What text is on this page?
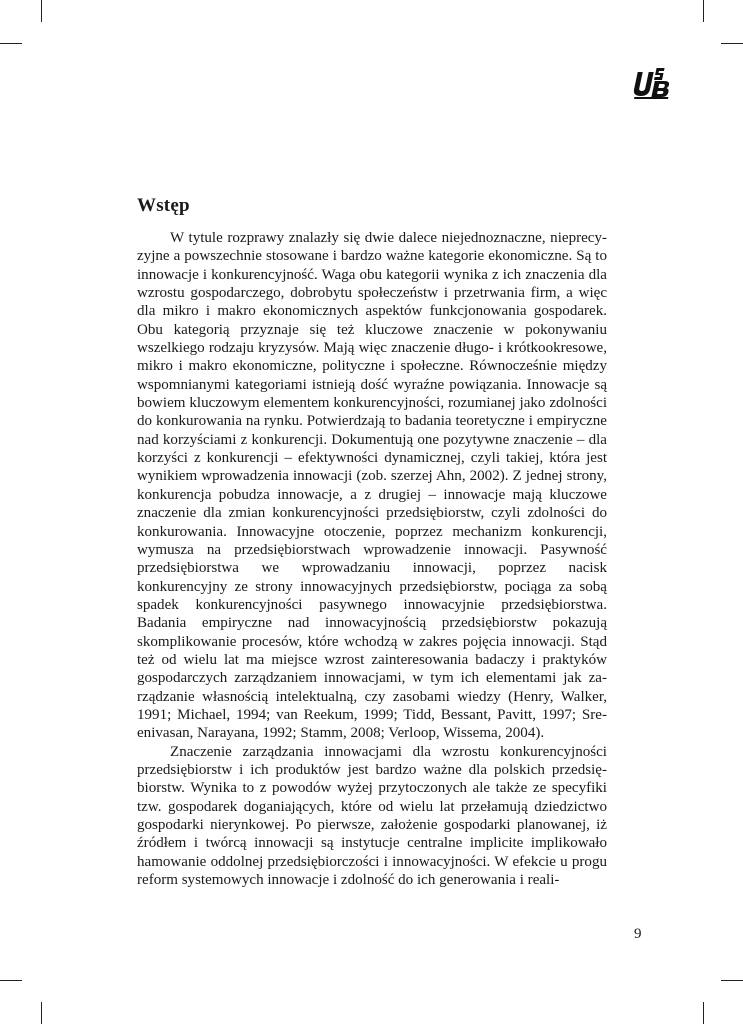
Wstęp

W tytule rozprawy znalazły się dwie dalece niejednoznaczne, nieprecyzyjne a powszechnie stosowane i bardzo ważne kategorie ekonomiczne. Są to innowacje i konkurencyjność. Waga obu kategorii wynika z ich znaczenia dla wzrostu gospodarczego, dobrobytu społeczeństw i przetrwania firm, a więc dla mikro i makro ekonomicznych aspektów funkcjonowania gospodarek. Obu kategorią przyznaje się też kluczowe znaczenie w pokonywaniu wszelkiego rodzaju kryzysów. Mają więc znaczenie długo- i krótkookresowe, mikro i makro ekonomiczne, polityczne i społeczne. Równocześnie między wspomnianymi kategoriami istnieją dość wyraźne powiązania. Innowacje są bowiem kluczowym elementem konkurencyjności, rozumianej jako zdolności do konkurowania na rynku. Potwierdzają to badania teoretyczne i empiryczne nad korzyściami z konkurencji. Dokumentują one pozytywne znaczenie – dla korzyści z konkurencji – efektywności dynamicznej, czyli takiej, która jest wynikiem wprowadzenia innowacji (zob. szerzej Ahn, 2002). Z jednej strony, konkurencja pobudza innowacje, a z drugiej – innowacje mają kluczowe znaczenie dla zmian konkurencyjności przedsiębiorstw, czyli zdolności do konkurowania. Innowacyjne otoczenie, poprzez mechanizm konkurencji, wymusza na przedsiębiorstwach wprowadzenie innowacji. Pasywność przedsiębiorstwa we wprowadzaniu innowacji, poprzez nacisk konkurencyjny ze strony innowacyjnych przedsiębiorstw, pociąga za sobą spadek konkurencyjności pasywnego innowacyjnie przedsiębiorstwa. Badania empiryczne nad innowacyjnością przedsiębiorstw pokazują skomplikowanie procesów, które wchodzą w zakres pojęcia innowacji. Stąd też od wielu lat ma miejsce wzrost zainteresowania badaczy i praktyków gospodarczych zarządzaniem innowacjami, w tym ich elementami jak zarządzanie własnością intelektualną, czy zasobami wiedzy (Henry, Walker, 1991; Michael, 1994; van Reekum, 1999; Tidd, Bessant, Pavitt, 1997; Sreenivasan, Narayana, 1992; Stamm, 2008; Verloop, Wissema, 2004).

Znaczenie zarządzania innowacjami dla wzrostu konkurencyjności przedsiębiorstw i ich produktów jest bardzo ważne dla polskich przedsiębiorstw. Wynika to z powodów wyżej przytoczonych ale także ze specyfiki tzw. gospodarek doganiających, które od wielu lat przełamują dziedzictwo gospodarki nierynkowej. Po pierwsze, założenie gospodarki planowanej, iż źródłem i twórcą innowacji są instytucje centralne implicite implikowało hamowanie oddolnej przedsiębiorczości i innowacyjności. W efekcie u progu reform systemowych innowacje i zdolność do ich generowania i reali-

9
